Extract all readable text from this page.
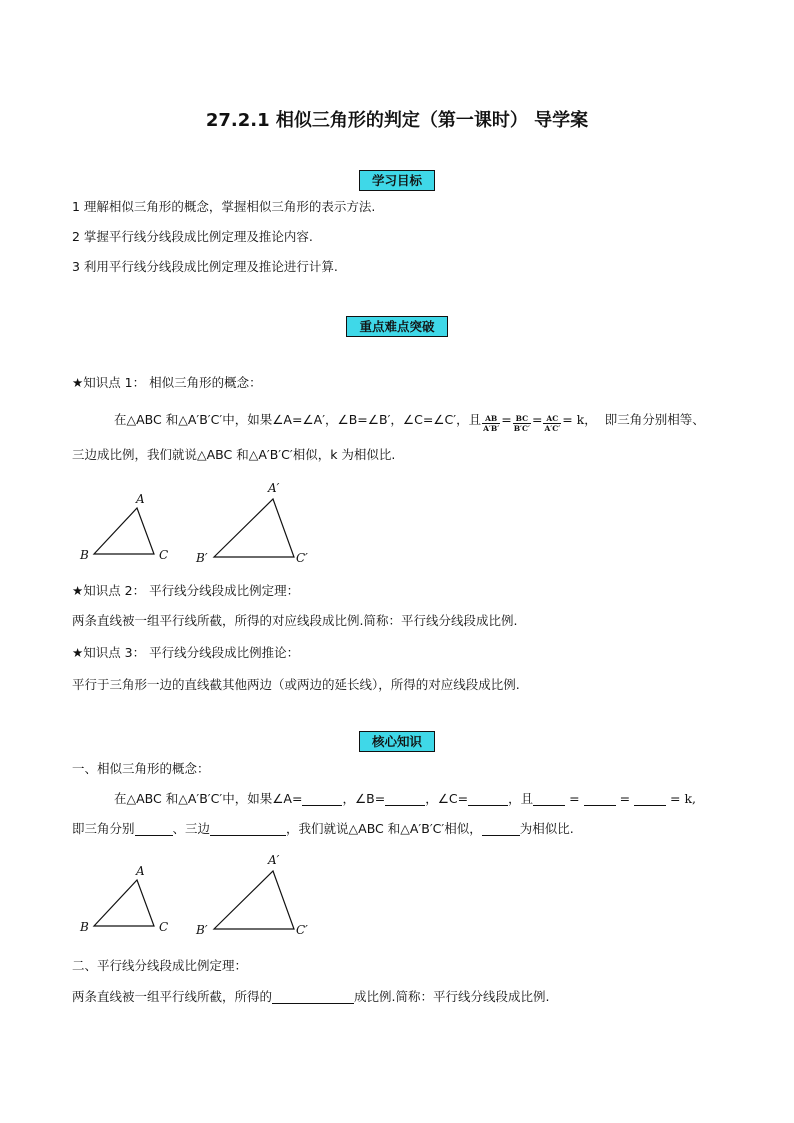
27.2.1 相似三角形的判定（第一课时） 导学案
学习目标
1 理解相似三角形的概念，掌握相似三角形的表示方法.
2 掌握平行线分线段成比例定理及推论内容.
3 利用平行线分线段成比例定理及推论进行计算.
重点难点突破
★知识点 1： 相似三角形的概念：
在△ABC 和△A′B′C′中，如果∠A=∠A′，∠B=∠B′，∠C=∠C′，且 $\frac{AB}{A'B'} = \frac{BC}{B'C'} = \frac{AC}{A'C'} = k$， 即三角分别相等、
三边成比例，我们就说△ABC 和△A′B′C′相似，k 为相似比.
A
B	C
A′
B′	C′
★知识点 2： 平行线分线段成比例定理：
两条直线被一组平行线所截，所得的对应线段成比例.简称：平行线分线段成比例.
★知识点 3： 平行线分线段成比例推论：
平行于三角形一边的直线截其他两边（或两边的延长线），所得的对应线段成比例.
核心知识
一、相似三角形的概念：
在△ABC 和△A′B′C′中，如果∠A=	，∠B=	，∠C=	，且	=	=	= k,
即三角分别	、三边	，我们就说△ABC 和△A′B′C′相似，	为相似比.
A
B	C
A′
B′	C′
二、平行线分线段成比例定理：
两条直线被一组平行线所截，所得的	成比例.简称：平行线分线段成比例.
